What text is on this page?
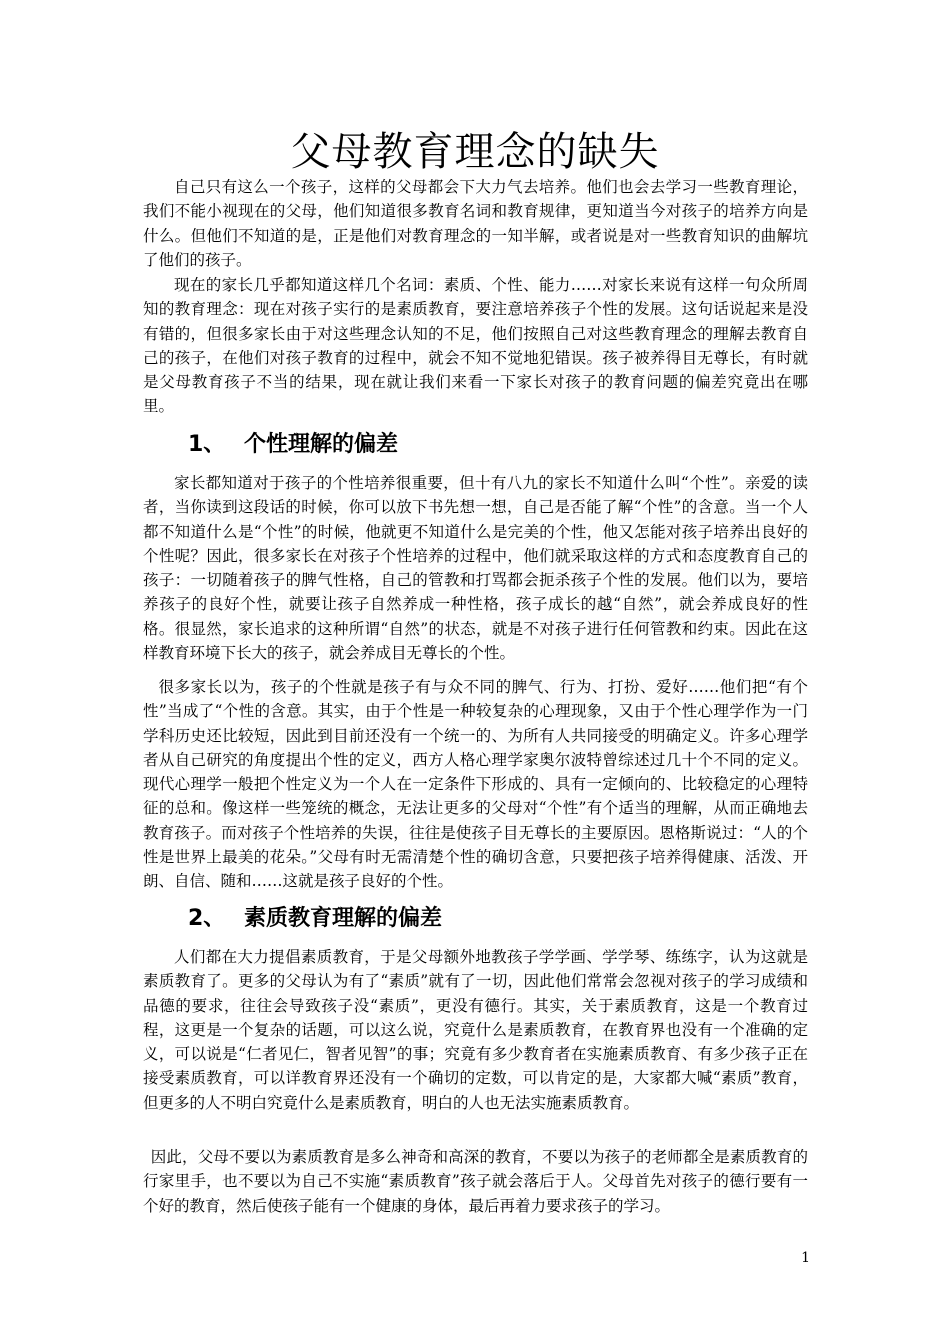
父母教育理念的缺失

自己只有这么一个孩子，这样的父母都会下大力气去培养。他们也会去学习一些教育理论，我们不能小视现在的父母，他们知道很多教育名词和教育规律，更知道当今对孩子的培养方向是什么。但他们不知道的是，正是他们对教育理念的一知半解，或者说是对一些教育知识的曲解坑了他们的孩子。

现在的家长几乎都知道这样几个名词：素质、个性、能力……对家长来说有这样一句众所周知的教育理念：现在对孩子实行的是素质教育，要注意培养孩子个性的发展。这句话说起来是没有错的，但很多家长由于对这些理念认知的不足，他们按照自己对这些教育理念的理解去教育自己的孩子，在他们对孩子教育的过程中，就会不知不觉地犯错误。孩子被养得目无尊长，有时就是父母教育孩子不当的结果，现在就让我们来看一下家长对孩子的教育问题的偏差究竟出在哪里。

1、 个性理解的偏差

家长都知道对于孩子的个性培养很重要，但十有八九的家长不知道什么叫“个性”。亲爱的读者，当你读到这段话的时候，你可以放下书先想一想，自己是否能了解“个性”的含意。当一个人都不知道什么是“个性”的时候，他就更不知道什么是完美的个性，他又怎能对孩子培养出良好的个性呢？因此，很多家长在对孩子个性培养的过程中，他们就采取这样的方式和态度教育自己的孩子：一切随着孩子的脾气性格，自己的管教和打骂都会扼杀孩子个性的发展。他们以为，要培养孩子的良好个性，就要让孩子自然养成一种性格，孩子成长的越“自然”，就会养成良好的性格。很显然，家长追求的这种所谓“自然”的状态，就是不对孩子进行任何管教和约束。因此在这样教育环境下长大的孩子，就会养成目无尊长的个性。

很多家长以为，孩子的个性就是孩子有与众不同的脾气、行为、打扮、爱好……他们把“有个性”当成了“个性的含意。其实，由于个性是一种较复杂的心理现象，又由于个性心理学作为一门学科历史还比较短，因此到目前还没有一个统一的、为所有人共同接受的明确定义。许多心理学者从自己研究的角度提出个性的定义，西方人格心理学家奥尔波特曾综述过几十个不同的定义。现代心理学一般把个性定义为一个人在一定条件下形成的、具有一定倾向的、比较稳定的心理特征的总和。像这样一些笼统的概念，无法让更多的父母对“个性”有个适当的理解，从而正确地去教育孩子。而对孩子个性培养的失误，往往是使孩子目无尊长的主要原因。恩格斯说过：“人的个性是世界上最美的花朵。”父母有时无需清楚个性的确切含意，只要把孩子培养得健康、活泼、开朗、自信、随和……这就是孩子良好的个性。

2、 素质教育理解的偏差

人们都在大力提倡素质教育，于是父母额外地教孩子学学画、学学琴、练练字，认为这就是素质教育了。更多的父母认为有了“素质”就有了一切，因此他们常常会忽视对孩子的学习成绩和品德的要求，往往会导致孩子没“素质”，更没有德行。其实，关于素质教育，这是一个教育过程，这更是一个复杂的话题，可以这么说，究竟什么是素质教育，在教育界也没有一个准确的定义，可以说是“仁者见仁，智者见智”的事；究竟有多少教育者在实施素质教育、有多少孩子正在接受素质教育，可以详教育界还没有一个确切的定数，可以肯定的是，大家都大喊“素质”教育，但更多的人不明白究竟什么是素质教育，明白的人也无法实施素质教育。

因此，父母不要以为素质教育是多么神奇和高深的教育，不要以为孩子的老师都全是素质教育的行家里手，也不要以为自己不实施“素质教育”孩子就会落后于人。父母首先对孩子的德行要有一个好的教育，然后使孩子能有一个健康的身体，最后再着力要求孩子的学习。

1
